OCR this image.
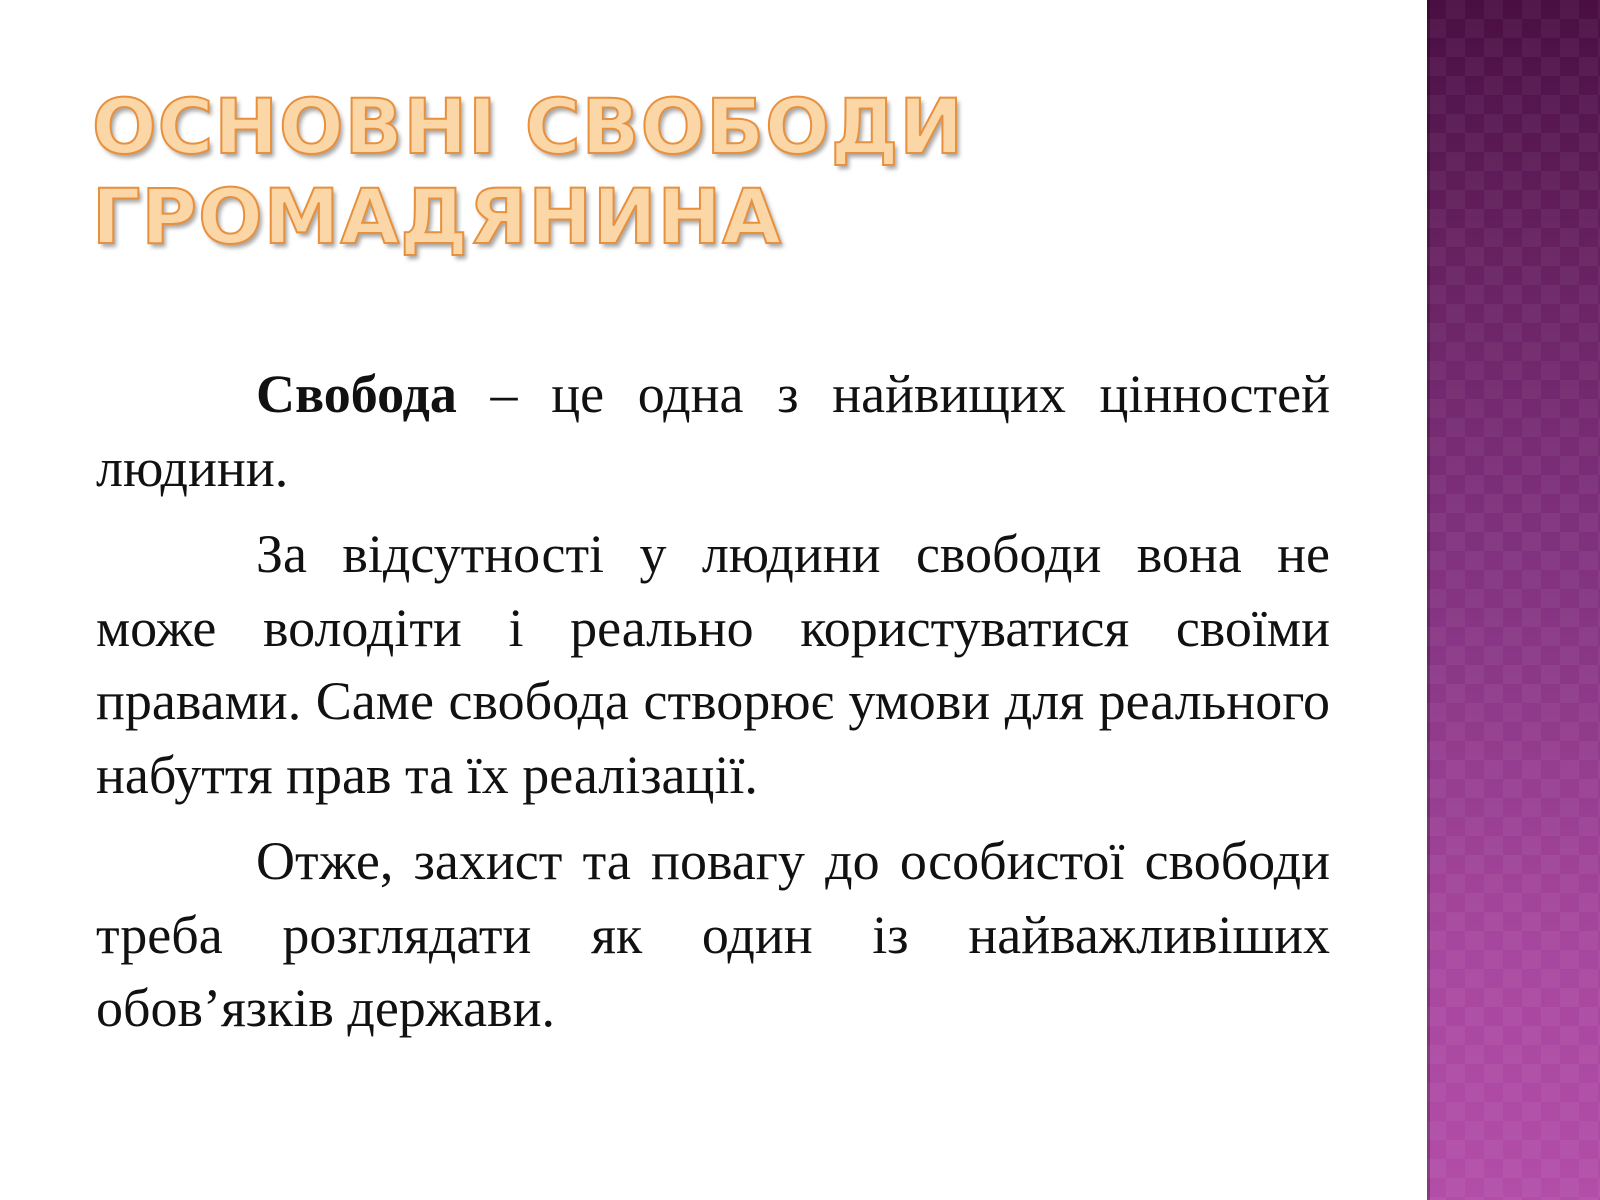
ОСНОВНІ СВОБОДИ
ГРОМАДЯНИНА

Свобода – це одна з найвищих цінностей людини.

За відсутності у людини свободи вона не може володіти і реально користуватися своїми правами. Саме свобода створює умови для реального набуття прав та їх реалізації.

Отже, захист та повагу до особистої свободи треба розглядати як один із найважливіших обов’язків держави.
